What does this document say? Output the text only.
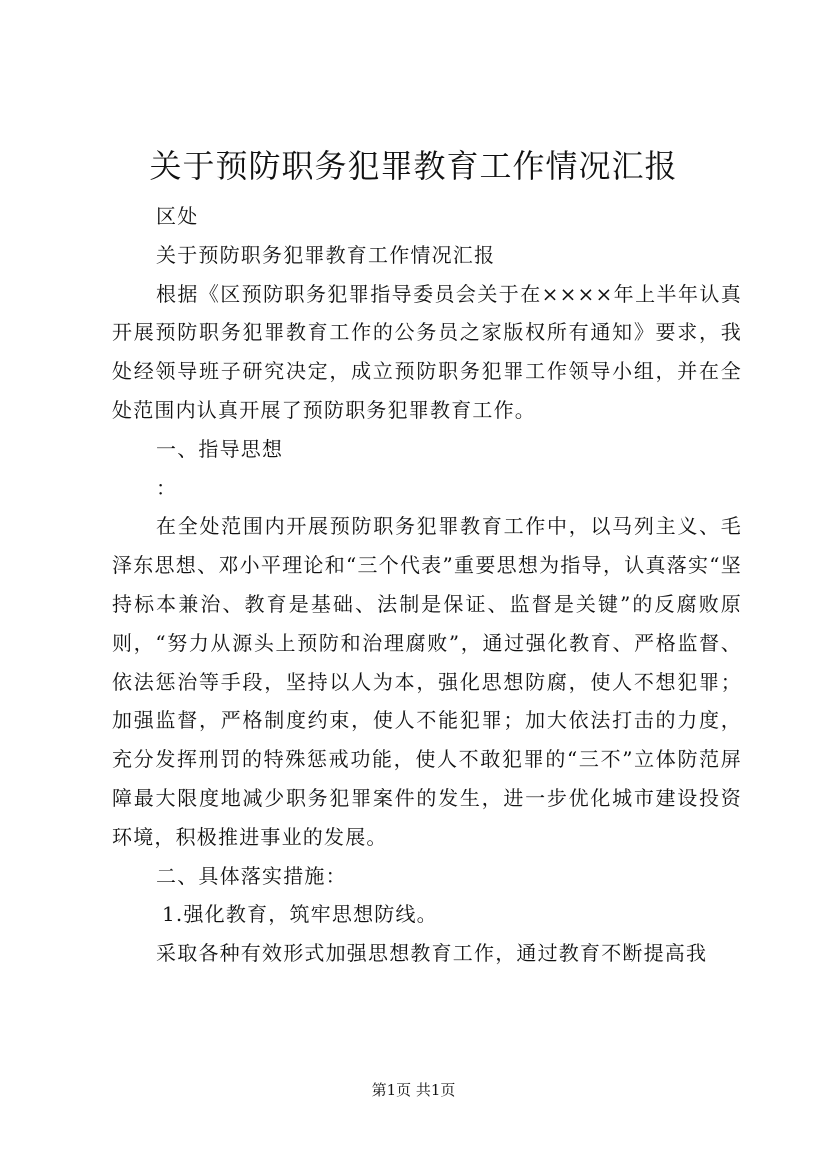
关于预防职务犯罪教育工作情况汇报

区处

关于预防职务犯罪教育工作情况汇报

根据《区预防职务犯罪指导委员会关于在××××年上半年认真开展预防职务犯罪教育工作的公务员之家版权所有通知》要求，我处经领导班子研究决定，成立预防职务犯罪工作领导小组，并在全处范围内认真开展了预防职务犯罪教育工作。

一、指导思想

：

在全处范围内开展预防职务犯罪教育工作中，以马列主义、毛泽东思想、邓小平理论和“三个代表”重要思想为指导，认真落实“坚持标本兼治、教育是基础、法制是保证、监督是关键”的反腐败原则，“努力从源头上预防和治理腐败”，通过强化教育、严格监督、依法惩治等手段，坚持以人为本，强化思想防腐，使人不想犯罪；加强监督，严格制度约束，使人不能犯罪；加大依法打击的力度，充分发挥刑罚的特殊惩戒功能，使人不敢犯罪的“三不”立体防范屏障最大限度地减少职务犯罪案件的发生，进一步优化城市建设投资环境，积极推进事业的发展。

二、具体落实措施：

1.强化教育，筑牢思想防线。

采取各种有效形式加强思想教育工作，通过教育不断提高我

第1页 共1页
